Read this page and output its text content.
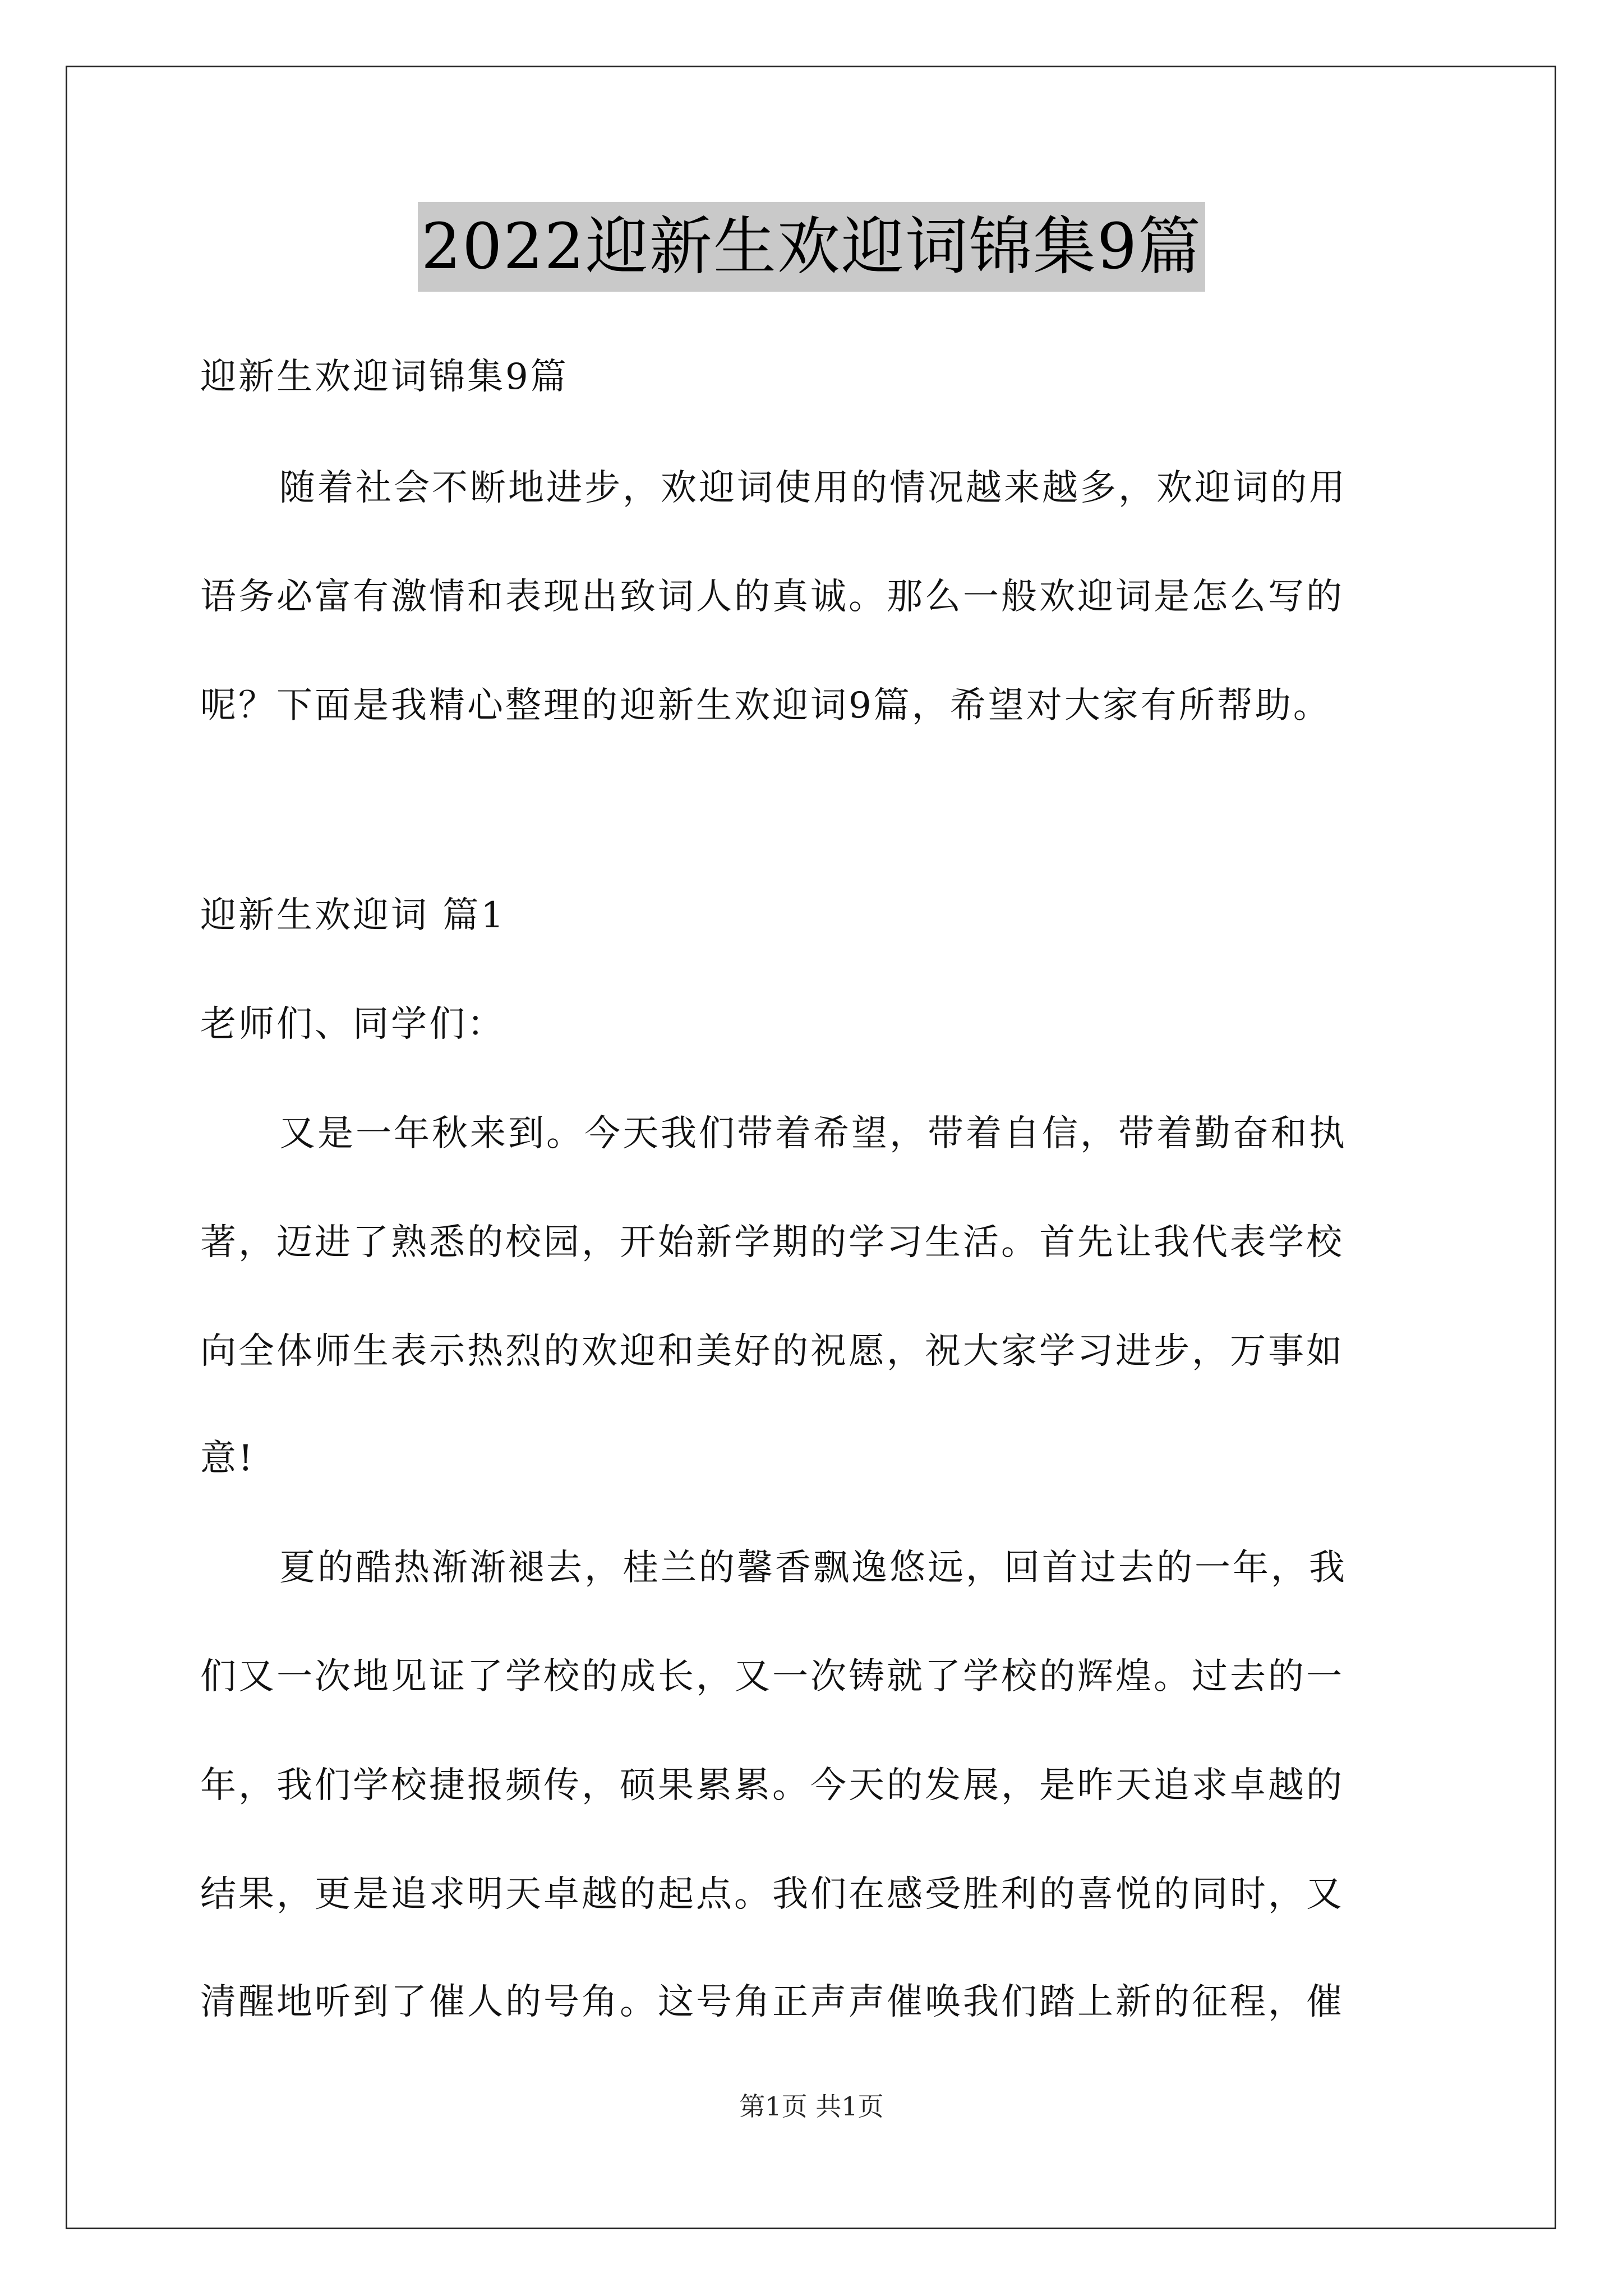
2022迎新生欢迎词锦集9篇
迎新生欢迎词锦集9篇
随着社会不断地进步，欢迎词使用的情况越来越多，欢迎词的用
语务必富有激情和表现出致词人的真诚。那么一般欢迎词是怎么写的
呢？下面是我精心整理的迎新生欢迎词9篇，希望对大家有所帮助。
迎新生欢迎词 篇1
老师们、同学们：
又是一年秋来到。今天我们带着希望，带着自信，带着勤奋和执
著，迈进了熟悉的校园，开始新学期的学习生活。首先让我代表学校
向全体师生表示热烈的欢迎和美好的祝愿，祝大家学习进步，万事如
意!
夏的酷热渐渐褪去，桂兰的馨香飘逸悠远，回首过去的一年，我
们又一次地见证了学校的成长，又一次铸就了学校的辉煌。过去的一
年，我们学校捷报频传，硕果累累。今天的发展，是昨天追求卓越的
结果，更是追求明天卓越的起点。我们在感受胜利的喜悦的同时，又
清醒地听到了催人的号角。这号角正声声催唤我们踏上新的征程，催
第1页 共1页
